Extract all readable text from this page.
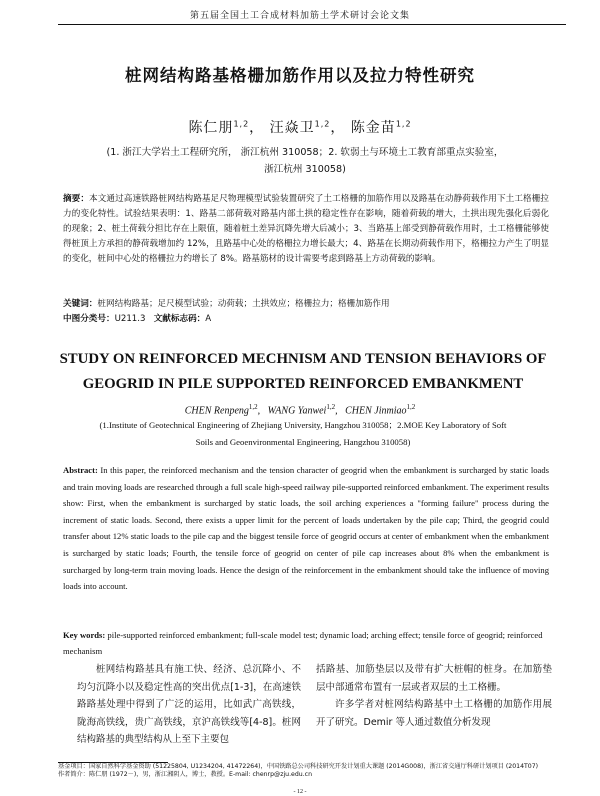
第五届全国土工合成材料加筋土学术研讨会论文集
桩网结构路基格栅加筋作用以及拉力特性研究
陈仁朋$^{1,2}$， 汪焱卫$^{1,2}$， 陈金苗$^{1,2}$
(1. 浙江大学岩土工程研究所， 浙江杭州 310058；2. 软弱土与环境土工教育部重点实验室，
浙江杭州 310058)
摘要：本文通过高速铁路桩网结构路基足尺物理模型试验装置研究了土工格栅的加筋作用以及路基在动静荷载作用下土工格栅拉力的变化特性。试验结果表明：1、路基二部荷载对路基内部土拱的稳定性存在影响，随着荷载的增大，土拱出现先强化后弱化的现象；2、桩土荷载分担比存在上限值，随着桩土差异沉降先增大后减小；3、当路基上部受到静荷载作用时，土工格栅能够使得桩顶上方承担的静荷载增加约 12%，且路基中心处的格栅拉力增长最大；4、路基在长期动荷载作用下，格栅拉力产生了明显的变化，桩间中心处的格栅拉力约增长了 8%。路基筋材的设计需要考虑到路基上方动荷载的影响。
关键词：桩网结构路基；足尺模型试验；动荷载；土拱效应；格栅拉力；格栅加筋作用
中图分类号：U211.3 文献标志码：A
STUDY ON REINFORCED MECHNISM AND TENSION BEHAVIORS OF GEOGRID IN PILE SUPPORTED REINFORCED EMBANKMENT
CHEN Renpeng$^{1,2}$,   WANG Yanwei$^{1,2}$,   CHEN Jinmiao$^{1,2}$
(1.Institute of Geotechnical Engineering of Zhejiang University, Hangzhou 310058；2.MOE Key Laboratory of Soft
Soils and Geoenvironmental Engineering, Hangzhou 310058)
Abstract: In this paper, the reinforced mechanism and the tension character of geogrid when the embankment is surcharged by static loads and train moving loads are researched through a full scale high-speed railway pile-supported reinforced embankment. The experiment results show: First, when the embankment is surcharged by static loads, the soil arching experiences a "forming failure" process during the increment of static loads. Second, there exists a upper limit for the percent of loads undertaken by the pile cap; Third, the geogrid could transfer about 12% static loads to the pile cap and the biggest tensile force of geogrid occurs at center of embankment when the embankment is surcharged by static loads; Fourth, the tensile force of geogrid on center of pile cap increases about 8% when the embankment is surcharged by long-term train moving loads. Hence the design of the reinforcement in the embankment should take the influence of moving loads into account.
Key words: pile-supported reinforced embankment; full-scale model test; dynamic load; arching effect; tensile force of geogrid; reinforced mechanism
桩网结构路基具有施工快、经济、总沉降小、不均匀沉降小以及稳定性高的突出优点[1-3]，在高速铁路路基处理中得到了广泛的运用，比如武广高铁线，陇海高铁线，贵广高铁线，京沪高铁线等[4-8]。桩网结构路基的典型结构从上至下主要包
括路基、加筋垫层以及带有扩大桩帽的桩身。在加筋垫层中部通常布置有一层或者双层的土工格栅。
许多学者对桩网结构路基中土工格栅的加筋作用展开了研究。Demir 等人通过数值分析发现
基金项目：国家自然科学基金资助 (51225804, U1234204, 41472264)，中国铁路总公司科技研究开发计划重大课题 (2014G008)，浙江省交通厅科研计划项目 (2014T07)
作者简介：陈仁朋 (1972－)，男，浙江湘阴人，博士，教授。E-mail: chenrp@zju.edu.cn
- 12 -
